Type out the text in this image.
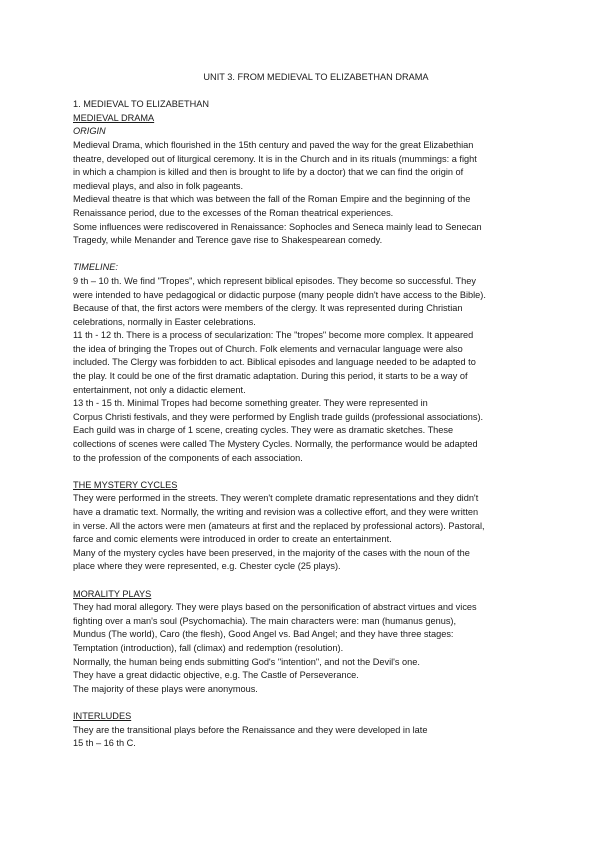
UNIT 3. FROM MEDIEVAL TO ELIZABETHAN DRAMA
1. MEDIEVAL TO ELIZABETHAN
MEDIEVAL DRAMA
ORIGIN
Medieval Drama, which flourished in the 15th century and paved the way for the great Elizabethian
theatre, developed out of liturgical ceremony. It is in the Church and in its rituals (mummings: a fight
in which a champion is killed and then is brought to life by a doctor) that we can find the origin of
medieval plays, and also in folk pageants.
Medieval theatre is that which was between the fall of the Roman Empire and the beginning of the
Renaissance period, due to the excesses of the Roman theatrical experiences.
Some influences were rediscovered in Renaissance: Sophocles and Seneca mainly lead to Senecan
Tragedy, while Menander and Terence gave rise to Shakespearean comedy.
TIMELINE:
9 th – 10 th. We find "Tropes", which represent biblical episodes. They become so successful. They
were intended to have pedagogical or didactic purpose (many people didn't have access to the Bible).
Because of that, the first actors were members of the clergy. It was represented during Christian
celebrations, normally in Easter celebrations.
11 th - 12 th. There is a process of secularization: The "tropes" become more complex. It appeared
the idea of bringing the Tropes out of Church. Folk elements and vernacular language were also
included. The Clergy was forbidden to act. Biblical episodes and language needed to be adapted to
the play. It could be one of the first dramatic adaptation. During this period, it starts to be a way of
entertainment, not only a didactic element.
13 th - 15 th. Minimal Tropes had become something greater. They were represented in
Corpus Christi festivals, and they were performed by English trade guilds (professional associations).
Each guild was in charge of 1 scene, creating cycles. They were as dramatic sketches. These
collections of scenes were called The Mystery Cycles. Normally, the performance would be adapted
to the profession of the components of each association.
THE MYSTERY CYCLES
They were performed in the streets. They weren't complete dramatic representations and they didn't
have a dramatic text. Normally, the writing and revision was a collective effort, and they were written
in verse. All the actors were men (amateurs at first and the replaced by professional actors). Pastoral,
farce and comic elements were introduced in order to create an entertainment.
Many of the mystery cycles have been preserved, in the majority of the cases with the noun of the
place where they were represented, e.g. Chester cycle (25 plays).
MORALITY PLAYS
They had moral allegory. They were plays based on the personification of abstract virtues and vices
fighting over a man's soul (Psychomachia). The main characters were: man (humanus genus),
Mundus (The world), Caro (the flesh), Good Angel vs. Bad Angel; and they have three stages:
Temptation (introduction), fall (climax) and redemption (resolution).
Normally, the human being ends submitting God's "intention", and not the Devil's one.
They have a great didactic objective, e.g. The Castle of Perseverance.
The majority of these plays were anonymous.
INTERLUDES
They are the transitional plays before the Renaissance and they were developed in late
15 th – 16 th C.
